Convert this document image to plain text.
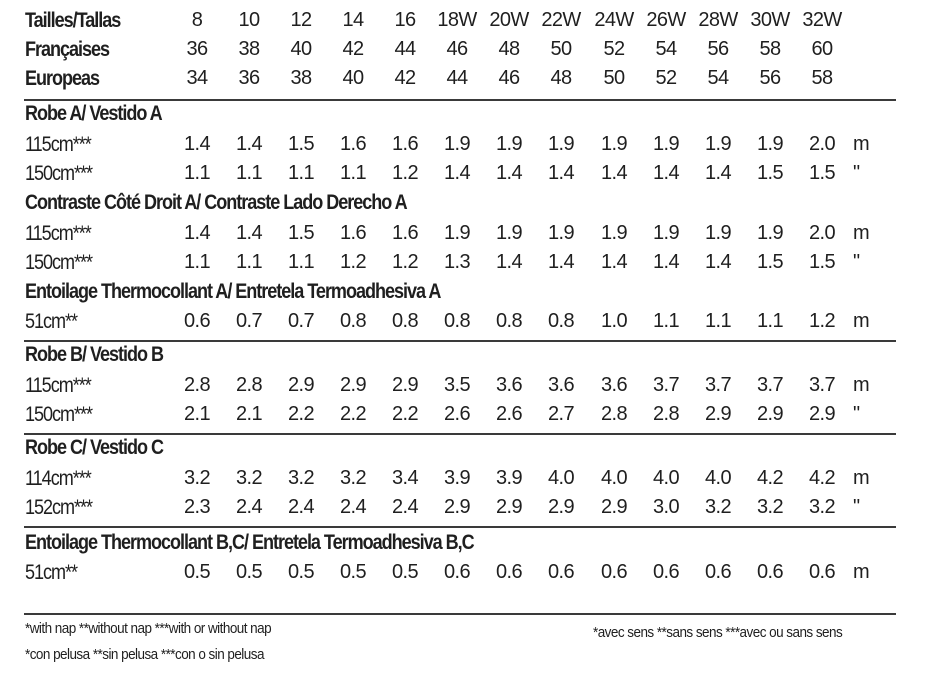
Tailles/Tallas	8	10	12	14	16	18W 20W 22W 24W 26W 28W 30W 32W
Françaises	36	38	40	42	44	46	48	50	52	54	56	58	60
Europeas	34	36	38	40	42	44	46	48	50	52	54	56	58
Robe A/ Vestido A
115cm***	1.4	1.4	1.5	1.6	1.6	1.9	1.9	1.9	1.9	1.9	1.9	1.9	2.0 m
150cm***	1.1	1.1	1.1	1.1	1.2	1.4	1.4	1.4	1.4	1.4	1.4	1.5	1.5 "
Contraste Côté Droit A/ Contraste Lado Derecho A
115cm***	1.4	1.4	1.5	1.6	1.6	1.9	1.9	1.9	1.9	1.9	1.9	1.9	2.0 m
150cm***	1.1	1.1	1.1	1.2	1.2	1.3	1.4	1.4	1.4	1.4	1.4	1.5	1.5 "
Entoilage Thermocollant A/ Entretela Termoadhesiva A
51cm**	0.6	0.7	0.7	0.8	0.8	0.8	0.8	0.8	1.0	1.1	1.1	1.1	1.2 m
Robe B/ Vestido B
115cm***	2.8	2.8	2.9	2.9	2.9	3.5	3.6	3.6	3.6	3.7	3.7	3.7	3.7 m
150cm***	2.1	2.1	2.2	2.2	2.2	2.6	2.6	2.7	2.8	2.8	2.9	2.9	2.9 "
Robe C/ Vestido C
114cm***	3.2	3.2	3.2	3.2	3.4	3.9	3.9	4.0	4.0	4.0	4.0	4.2	4.2 m
152cm***	2.3	2.4	2.4	2.4	2.4	2.9	2.9	2.9	2.9	3.0	3.2	3.2	3.2 "
Entoilage Thermocollant B,C/ Entretela Termoadhesiva B,C
51cm**	0.5	0.5	0.5	0.5	0.5	0.6	0.6	0.6	0.6	0.6	0.6	0.6	0.6 m
*with nap **without nap ***with or without nap
*con pelusa **sin pelusa ***con o sin pelusa
*avec sens **sans sens ***avec ou sans sens
